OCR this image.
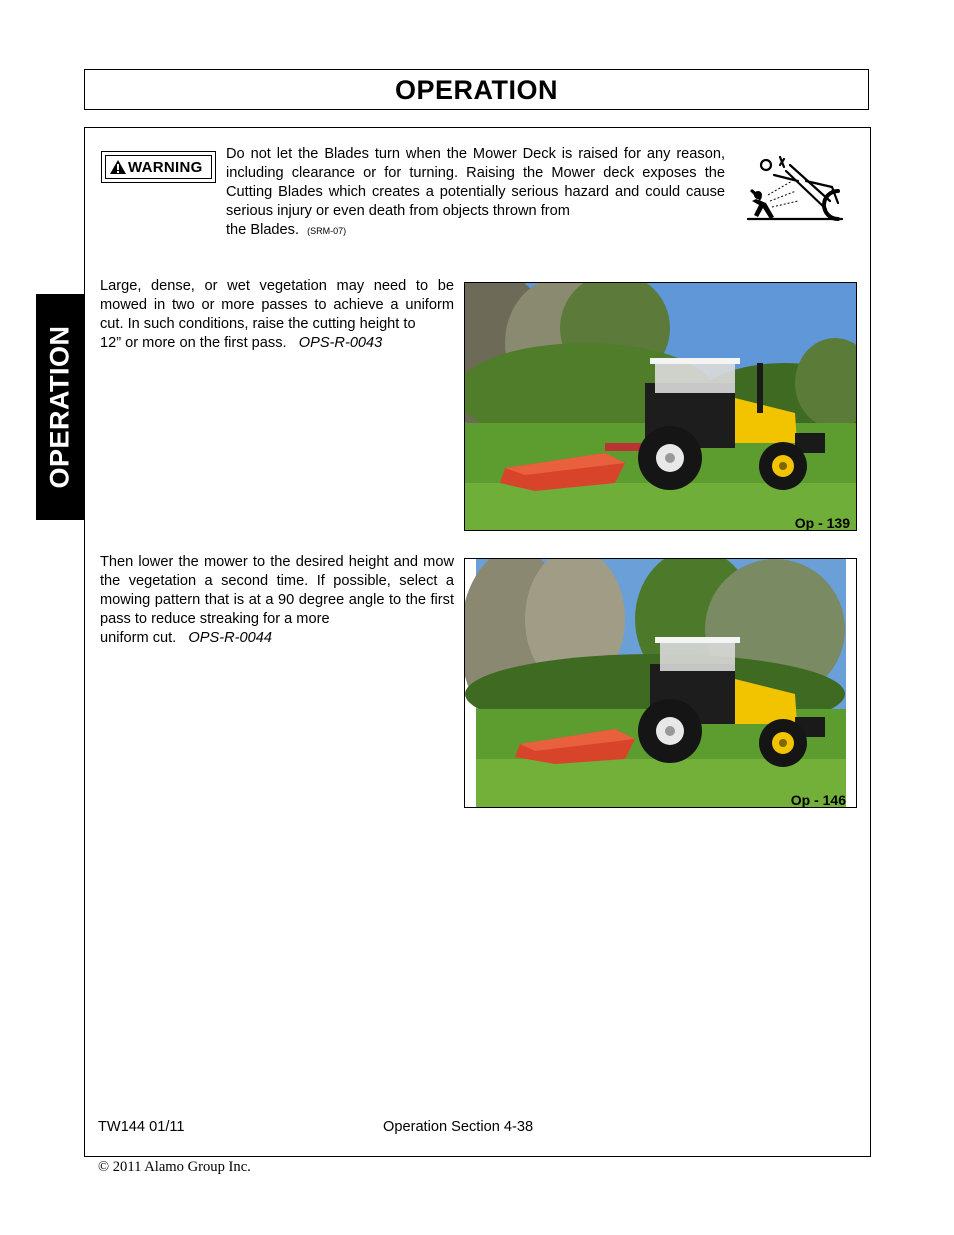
OPERATION
OPERATION
WARNING
Do not let the Blades turn when the Mower Deck is raised for any reason, including clearance or for turning. Raising the Mower deck exposes the Cutting Blades which creates a potentially serious hazard and could cause serious injury or even death from objects thrown from
the Blades. (SRM-07)
Large, dense, or wet vegetation may need to be mowed in two or more passes to achieve a uniform cut. In such conditions, raise the cutting height to
12” or more on the first pass. OPS-R-0043
Op - 139
Then lower the mower to the desired height and mow the vegetation a second time. If possible, select a mowing pattern that is at a 90 degree angle to the first pass to reduce streaking for a more
uniform cut. OPS-R-0044
Op - 146
TW144 01/11	Operation Section 4-38
© 2011 Alamo Group Inc.
